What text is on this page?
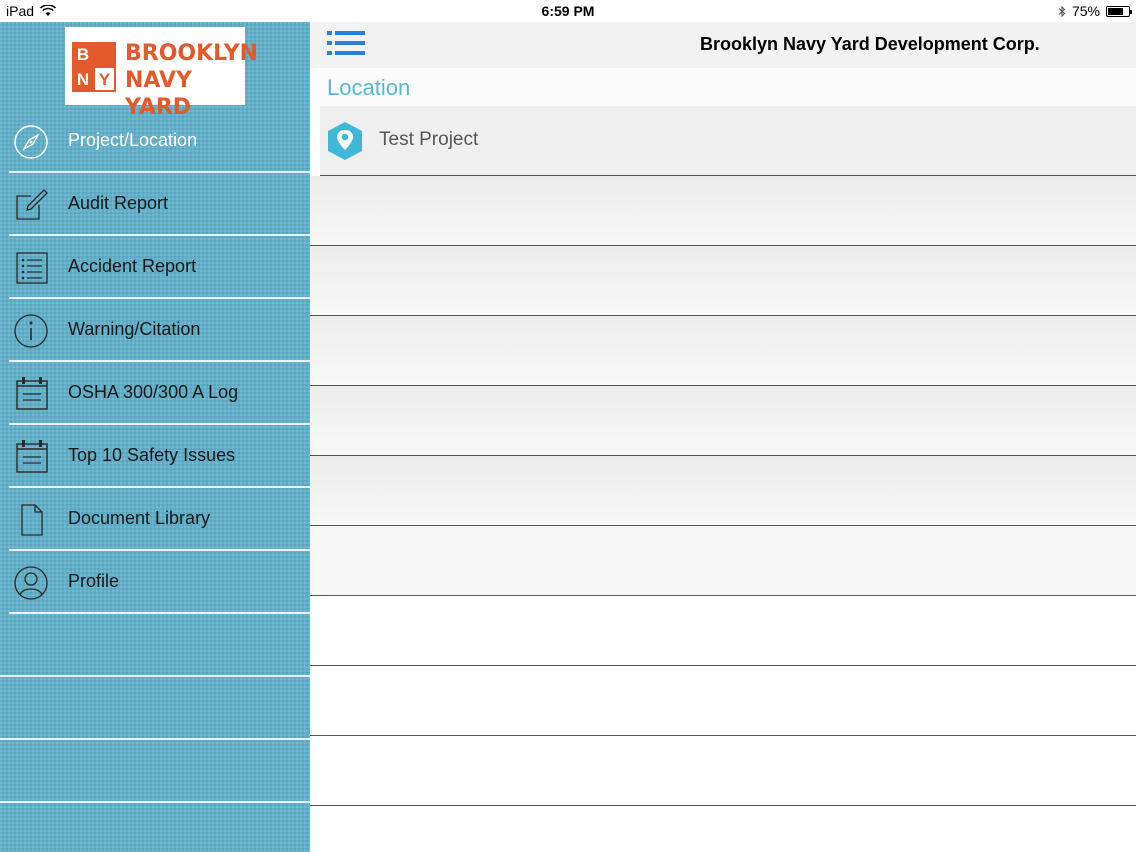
iPad	6:59 PM	75%
B
N Y
BROOKLYN
NAVY YARD
Project/Location
Audit Report
Accident Report
Warning/Citation
OSHA 300/300 A Log
Top 10 Safety Issues
Document Library
Profile
Brooklyn Navy Yard Development Corp.
Location
Test Project
